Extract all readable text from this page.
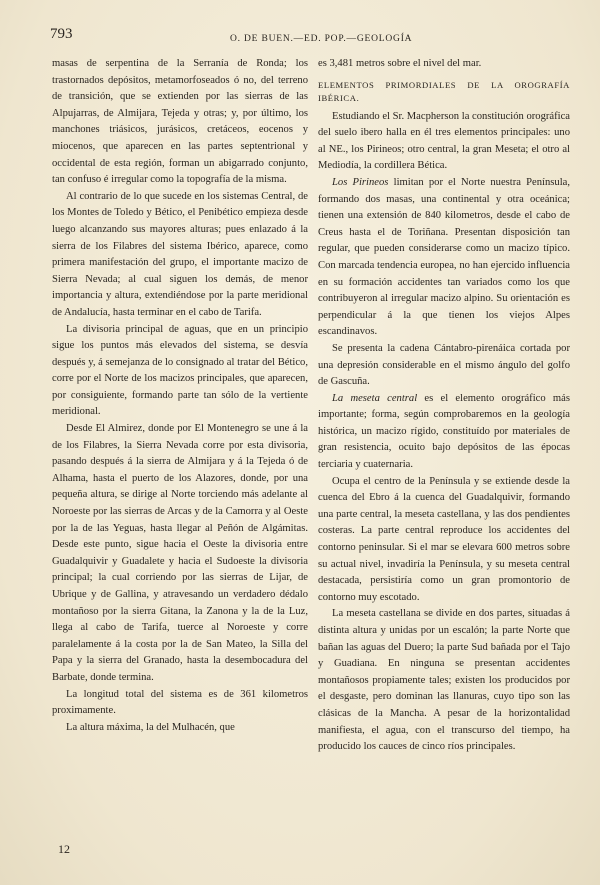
793	O. DE BUEN.—ED. POP.—GEOLOGÍA

masas de serpentina de la Serranía de Ronda; los trastornados depósitos, metamorfoseados ó no, del terreno de transición, que se extienden por las sierras de las Alpujarras, de Almijara, Tejeda y otras; y, por último, los manchones triásicos, jurásicos, cretáceos, eocenos y miocenos, que aparecen en las partes septentrional y occidental de esta región, forman un abigarrado conjunto, tan confuso é irregular como la topografía de la misma.

Al contrario de lo que sucede en los sistemas Central, de los Montes de Toledo y Bético, el Penibético empieza desde luego alcanzando sus mayores alturas; pues enlazado á la sierra de los Filabres del sistema Ibérico, aparece, como primera manifestación del grupo, el importante macizo de Sierra Nevada; al cual siguen los demás, de menor importancia y altura, extendiéndose por la parte meridional de Andalucía, hasta terminar en el cabo de Tarifa.

La divisoria principal de aguas, que en un principio sigue los puntos más elevados del sistema, se desvía después y, á semejanza de lo consignado al tratar del Bético, corre por el Norte de los macizos principales, que aparecen, por consiguiente, formando parte tan sólo de la vertiente meridional.

Desde El Almirez, donde por El Montenegro se une á la de los Filabres, la Sierra Nevada corre por esta divisoria, pasando después á la sierra de Almijara y á la Tejeda ó de Alhama, hasta el puerto de los Alazores, donde, por una pequeña altura, se dirige al Norte torciendo más adelante al Noroeste por las sierras de Arcas y de la Camorra y al Oeste por la de las Yeguas, hasta llegar al Peñón de Algámitas. Desde este punto, sigue hacia el Oeste la divisoria entre Guadalquivir y Guadalete y hacia el Sudoeste la divisoria principal; la cual corriendo por las sierras de Lijar, de Ubrique y de Gallina, y atravesando un verdadero dédalo montañoso por la sierra Gitana, la Zanona y la de la Luz, llega al cabo de Tarifa, tuerce al Noroeste y corre paralelamente á la costa por la de San Mateo, la Silla del Papa y la sierra del Granado, hasta la desembocadura del Barbate, donde termina.

La longitud total del sistema es de 361 kilometros proximamente.

La altura máxima, la del Mulhacén, que

es 3,481 metros sobre el nivel del mar.

ELEMENTOS PRIMORDIALES DE LA OROGRAFÍA IBÉRICA.

Estudiando el Sr. Macpherson la constitución orográfica del suelo ibero halla en él tres elementos principales: uno al NE., los Pirineos; otro central, la gran Meseta; el otro al Mediodía, la cordillera Bética.

Los Pirineos limitan por el Norte nuestra Península, formando dos masas, una continental y otra oceánica; tienen una extensión de 840 kilometros, desde el cabo de Creus hasta el de Toriñana. Presentan disposición tan regular, que pueden considerarse como un macizo típico. Con marcada tendencia europea, no han ejercido influencia en su formación accidentes tan variados como los que contribuyeron al irregular macizo alpino. Su orientación es perpendicular á la que tienen los viejos Alpes escandinavos.

Se presenta la cadena Cántabro-pirenáica cortada por una depresión considerable en el mismo ángulo del golfo de Gascuña.

La meseta central es el elemento orográfico más importante; forma, según comprobaremos en la geología histórica, un macizo rígido, constituído por materiales de gran resistencia, ocuito bajo depósitos de las épocas terciaria y cuaternaria.

Ocupa el centro de la Península y se extiende desde la cuenca del Ebro á la cuenca del Guadalquivir, formando una parte central, la meseta castellana, y las dos pendientes costeras. La parte central reproduce los accidentes del contorno peninsular. Si el mar se elevara 600 metros sobre su actual nivel, invadiría la Península, y su meseta central destacada, persistiría como un gran promontorio de contorno muy escotado.

La meseta castellana se divide en dos partes, situadas á distinta altura y unidas por un escalón; la parte Norte que bañan las aguas del Duero; la parte Sud bañada por el Tajo y Guadiana. En ninguna se presentan accidentes montañosos propiamente tales; existen los producidos por el desgaste, pero dominan las llanuras, cuyo tipo son las clásicas de la Mancha. A pesar de la horizontalidad manifiesta, el agua, con el transcurso del tiempo, ha producido los cauces de cinco ríos principales.

12
